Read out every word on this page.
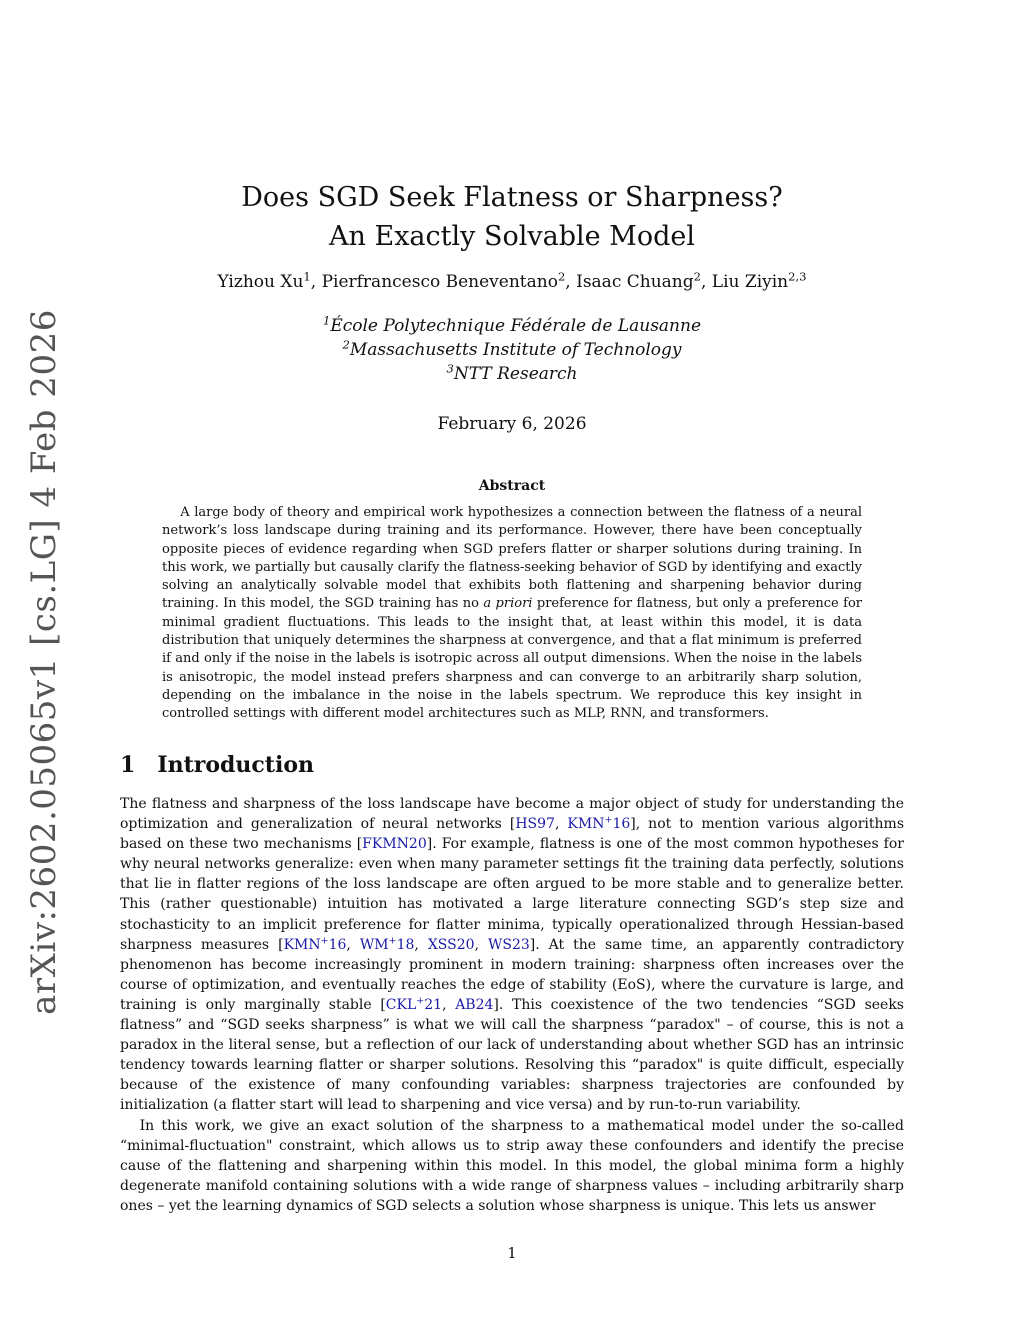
arXiv:2602.05065v1 [cs.LG] 4 Feb 2026
Does SGD Seek Flatness or Sharpness?
An Exactly Solvable Model
Yizhou Xu$^1$, Pierfrancesco Beneventano$^2$, Isaac Chuang$^2$, Liu Ziyin$^{2,3}$
$^1$École Polytechnique Fédérale de Lausanne
$^2$Massachusetts Institute of Technology
$^3$NTT Research
February 6, 2026
Abstract
A large body of theory and empirical work hypothesizes a connection between the flatness of a neural network’s loss landscape during training and its performance. However, there have been conceptually opposite pieces of evidence regarding when SGD prefers flatter or sharper solutions during training. In this work, we partially but causally clarify the flatness-seeking behavior of SGD by identifying and exactly solving an analytically solvable model that exhibits both flattening and sharpening behavior during training. In this model, the SGD training has no a priori preference for flatness, but only a preference for minimal gradient fluctuations. This leads to the insight that, at least within this model, it is data distribution that uniquely determines the sharpness at convergence, and that a flat minimum is preferred if and only if the noise in the labels is isotropic across all output dimensions. When the noise in the labels is anisotropic, the model instead prefers sharpness and can converge to an arbitrarily sharp solution, depending on the imbalance in the noise in the labels spectrum. We reproduce this key insight in controlled settings with different model architectures such as MLP, RNN, and transformers.
1 Introduction

The flatness and sharpness of the loss landscape have become a major object of study for understanding the optimization and generalization of neural networks [HS97, KMN+16], not to mention various algorithms based on these two mechanisms [FKMN20]. For example, flatness is one of the most common hypotheses for why neural networks generalize: even when many parameter settings fit the training data perfectly, solutions that lie in flatter regions of the loss landscape are often argued to be more stable and to generalize better. This (rather questionable) intuition has motivated a large literature connecting SGD’s step size and stochasticity to an implicit preference for flatter minima, typically operationalized through Hessian-based sharpness measures [KMN+16, WM+18, XSS20, WS23]. At the same time, an apparently contradictory phenomenon has become increasingly prominent in modern training: sharpness often increases over the course of optimization, and eventually reaches the edge of stability (EoS), where the curvature is large, and training is only marginally stable [CKL+21, AB24]. This coexistence of the two tendencies “SGD seeks flatness” and “SGD seeks sharpness” is what we will call the sharpness “paradox" – of course, this is not a paradox in the literal sense, but a reflection of our lack of understanding about whether SGD has an intrinsic tendency towards learning flatter or sharper solutions. Resolving this “paradox" is quite difficult, especially because of the existence of many confounding variables: sharpness trajectories are confounded by initialization (a flatter start will lead to sharpening and vice versa) and by run-to-run variability.

In this work, we give an exact solution of the sharpness to a mathematical model under the so-called “minimal-fluctuation" constraint, which allows us to strip away these confounders and identify the precise cause of the flattening and sharpening within this model. In this model, the global minima form a highly degenerate manifold containing solutions with a wide range of sharpness values – including arbitrarily sharp ones – yet the learning dynamics of SGD selects a solution whose sharpness is unique. This lets us answer

1
